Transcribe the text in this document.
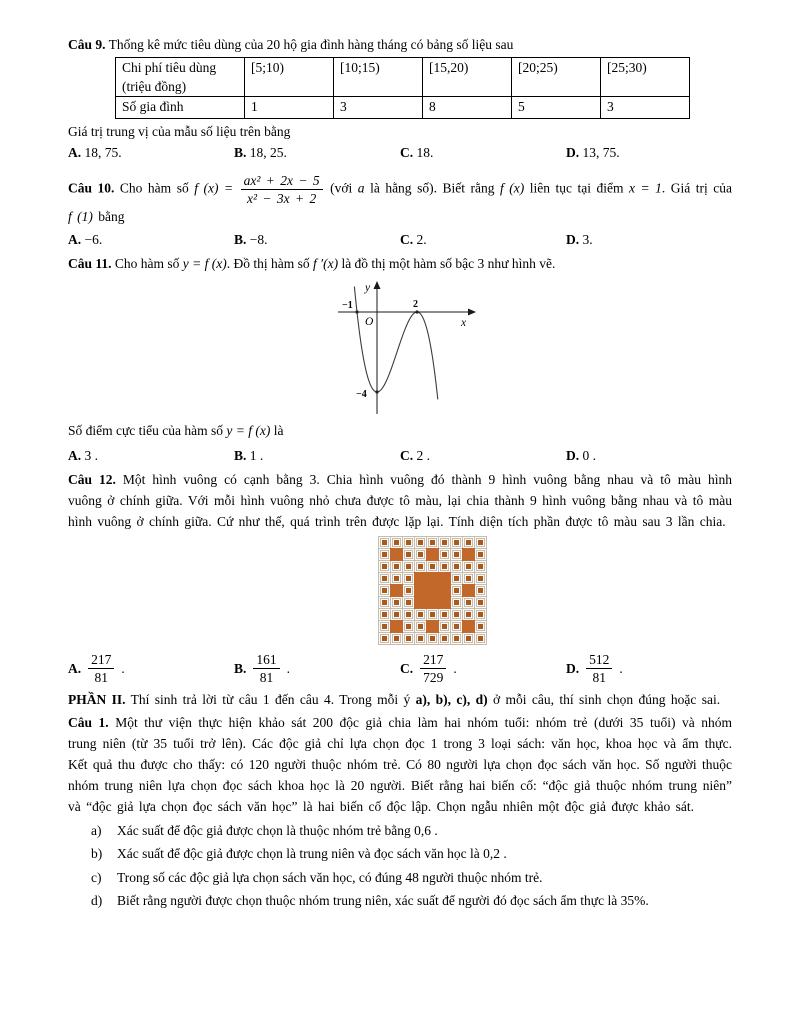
Câu 9. Thống kê mức tiêu dùng của 20 hộ gia đình hàng tháng có bảng số liệu sau

Chi phí tiêu dùng
(triệu đồng)	[5;10)	[10;15)	[15,20)	[20;25)	[25;30)
Số gia đình	1	3	8	5	3

Giá trị trung vị của mẫu số liệu trên bằng

A. 18, 75.	B. 18, 25.	C. 18.	D. 13, 75.

Câu 10. Cho hàm số f $(x) = \frac{\text{ax² + 2x − 5}}{\text{x² − 3x + 2}}$ (với a là hằng số). Biết rằng f (x) liên tục tại điểm x = 1. Giá trị của f (1) bằng

A. −6.	B. −8.	C. 2.	D. 3.

Câu 11. Cho hàm số y = f (x). Đồ thị hàm số f ′(x) là đồ thị một hàm số bậc 3 như hình vẽ.

−1	2
−4
y
x
O

Số điểm cực tiểu của hàm số y = f (x) là

A. 3 .	B. 1 .	C. 2 .	D. 0 .

Câu 12. Một hình vuông có cạnh bằng 3. Chia hình vuông đó thành 9 hình vuông bằng nhau và tô màu hình vuông ở chính giữa. Với mỗi hình vuông nhỏ chưa được tô màu, lại chia thành 9 hình vuông bằng nhau và tô màu hình vuông ở chính giữa. Cứ như thế, quá trình trên được lặp lại. Tính diện tích phần được tô màu sau 3 lần chia.

A. $\frac{217}{81}$ .	B. $\frac{161}{81}$ .	C. $\frac{217}{729}$ .	D. $\frac{512}{81}$ .

PHẦN II. Thí sinh trả lời từ câu 1 đến câu 4. Trong mỗi ý a), b), c), d) ở mỗi câu, thí sinh chọn đúng hoặc sai.

Câu 1. Một thư viện thực hiện khảo sát 200 độc giả chia làm hai nhóm tuổi: nhóm trẻ (dưới 35 tuổi) và nhóm trung niên (từ 35 tuổi trở lên). Các độc giả chỉ lựa chọn đọc 1 trong 3 loại sách: văn học, khoa học và ẩm thực. Kết quả thu được cho thấy: có 120 người thuộc nhóm trẻ. Có 80 người lựa chọn đọc sách văn học. Số người thuộc nhóm trung niên lựa chọn đọc sách khoa học là 20 người. Biết rằng hai biến cố: “độc giả thuộc nhóm trung niên” và “độc giả lựa chọn đọc sách văn học” là hai biến cố độc lập. Chọn ngẫu nhiên một độc giả được khảo sát.

a)	Xác suất để độc giả được chọn là thuộc nhóm trẻ bằng 0,6 .
b)	Xác suất để độc giả được chọn là trung niên và đọc sách văn học là 0,2 .
c)	Trong số các độc giả lựa chọn sách văn học, có đúng 48 người thuộc nhóm trẻ.
d)	Biết rằng người được chọn thuộc nhóm trung niên, xác suất để người đó đọc sách ẩm thực là 35%.
